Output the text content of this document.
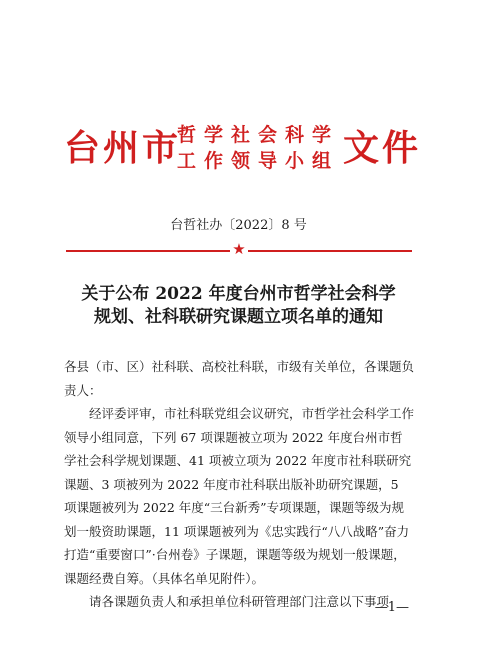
台州市
哲学社会科学
工作领导小组 文件
台哲社办〔2022〕8 号
★
关于公布 2022 年度台州市哲学社会科学
规划、社科联研究课题立项名单的通知

各县（市、区）社科联、高校社科联，市级有关单位，各课题负责人：

经评委评审，市社科联党组会议研究，市哲学社会科学工作领导小组同意，下列 67 项课题被立项为 2022 年度台州市哲学社会科学规划课题、41 项被立项为 2022 年度市社科联研究课题、3 项被列为 2022 年度市社科联出版补助研究课题，5 项课题被列为 2022 年度“三台新秀”专项课题，课题等级为规划一般资助课题，11 项课题被列为《忠实践行“八八战略”奋力打造“重要窗口”·台州卷》子课题，课题等级为规划一般课题，课题经费自筹。（具体名单见附件）。

请各课题负责人和承担单位科研管理部门注意以下事项

—1—
